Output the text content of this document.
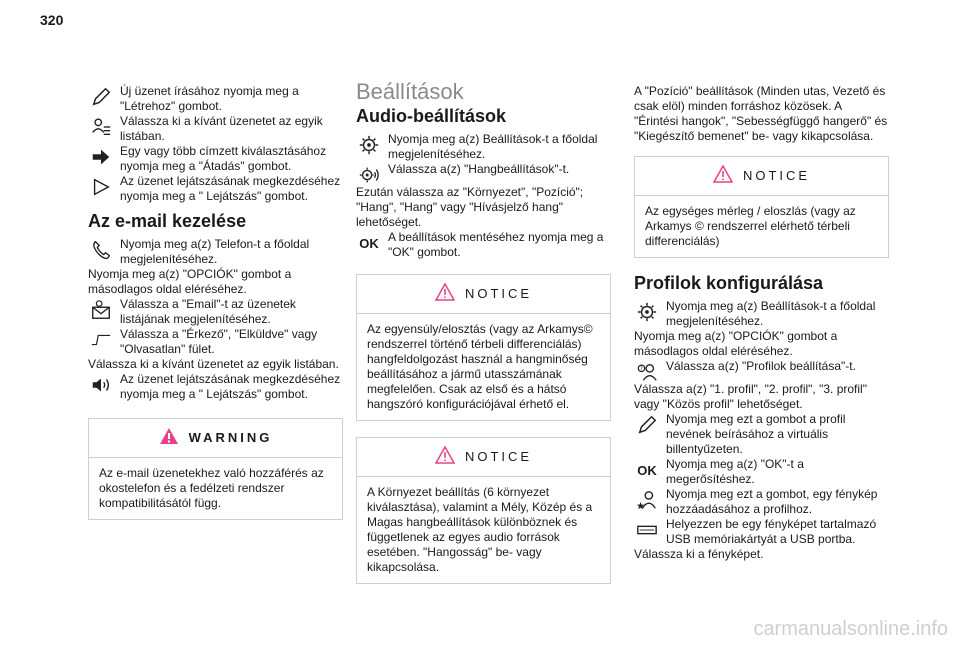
320
Új üzenet írásához nyomja meg a "Létrehoz" gombot.
Válassza ki a kívánt üzenetet az egyik listában.
Egy vagy több címzett kiválasztásához nyomja meg a "Átadás" gombot.
Az üzenet lejátszásának megkezdéséhez nyomja meg a " Lejátszás" gombot.
Az e-mail kezelése
Nyomja meg a(z) Telefon-t a főoldal megjelenítéséhez.
Nyomja meg a(z) "OPCIÓK" gombot a másodlagos oldal eléréséhez.
Válassza a "Email"-t az üzenetek listájának megjelenítéséhez.
Válassza a "Érkező", "Elküldve" vagy "Olvasatlan" fület.
Válassza ki a kívánt üzenetet az egyik listában.
Az üzenet lejátszásának megkezdéséhez nyomja meg a " Lejátszás" gombot.
WARNING
Az e-mail üzenetekhez való hozzáférés az okostelefon és a fedélzeti rendszer kompatibilitásától függ.
Beállítások
Audio-beállítások
Nyomja meg a(z) Beállítások-t a főoldal megjelenítéséhez.
Válassza a(z) "Hangbeállítások"-t.
Ezután válassza az "Környezet", "Pozíció"; "Hang", "Hang" vagy "Hívásjelző hang" lehetőséget.
OK A beállítások mentéséhez nyomja meg a "OK" gombot.
NOTICE
Az egyensúly/elosztás (vagy az Arkamys© rendszerrel történő térbeli differenciálás) hangfeldolgozást használ a hangminőség beállításához a jármű utasszámának megfelelően. Csak az első és a hátsó hangszóró konfigurációjával érhető el.
NOTICE
A Környezet beállítás (6 környezet kiválasztása), valamint a Mély, Közép és a Magas hangbeállítások különböznek és függetlenek az egyes audio források esetében. "Hangosság" be- vagy kikapcsolása.
A "Pozíció" beállítások (Minden utas, Vezető és csak elöl) minden forráshoz közösek. A "Érintési hangok", "Sebességfüggő hangerő" és "Kiegészítő bemenet" be- vagy kikapcsolása.
NOTICE
Az egységes mérleg / eloszlás (vagy az Arkamys © rendszerrel elérhető térbeli differenciálás)
Profilok konfigurálása
Nyomja meg a(z) Beállítások-t a főoldal megjelenítéséhez.
Nyomja meg a(z) "OPCIÓK" gombot a másodlagos oldal eléréséhez.
? Válassza a(z) "Profilok beállítása"-t.
Válassza a(z) "1. profil", "2. profil", "3. profil" vagy "Közös profil" lehetőséget.
Nyomja meg ezt a gombot a profil nevének beírásához a virtuális billentyűzeten.
OK Nyomja meg a(z) "OK"-t a megerősítéshez.
Nyomja meg ezt a gombot, egy fénykép hozzáadásához a profilhoz.
Helyezzen be egy fényképet tartalmazó USB memóriakártyát a USB portba.
Válassza ki a fényképet.
carmanualsonline.info
